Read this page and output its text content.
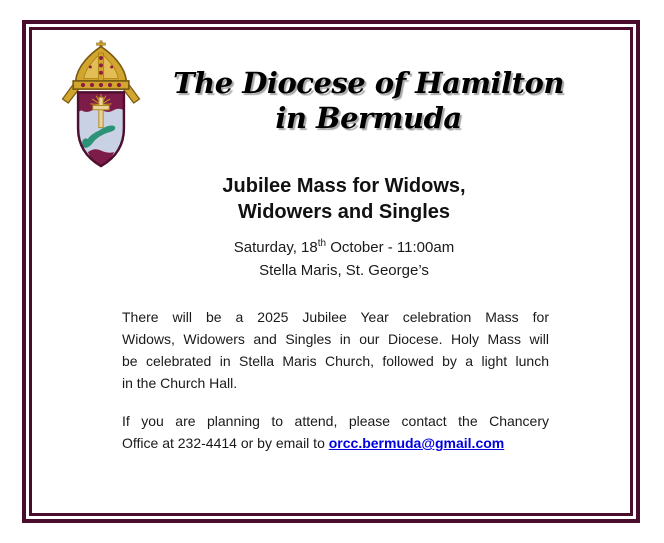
The Diocese of Hamilton
in Bermuda
Jubilee Mass for Widows,
Widowers and Singles
Saturday, 18th October - 11:00am
Stella Maris, St. George’s
There will be a 2025 Jubilee Year celebration Mass for
Widows, Widowers and Singles in our Diocese. Holy Mass will
be celebrated in Stella Maris Church, followed by a light lunch
in the Church Hall.
If you are planning to attend, please contact the Chancery
Office at 232-4414 or by email to orcc.bermuda@gmail.com
